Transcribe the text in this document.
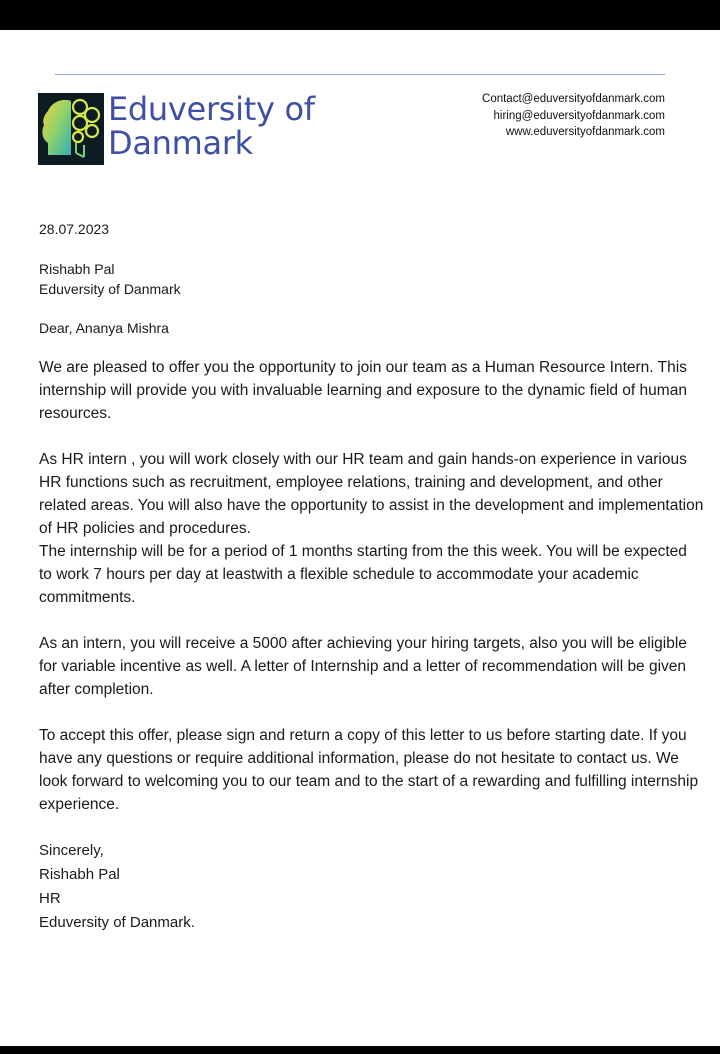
Eduversity of
Danmark
Contact@eduversityofdanmark.com
hiring@eduversityofdanmark.com
www.eduversityofdanmark.com
28.07.2023
Rishabh Pal
Eduversity of Danmark
Dear, Ananya Mishra

We are pleased to offer you the opportunity to join our team as a Human Resource Intern. This internship will provide you with invaluable learning and exposure to the dynamic field of human resources.

As HR intern , you will work closely with our HR team and gain hands-on experience in various HR functions such as recruitment, employee relations, training and development, and other related areas. You will also have the opportunity to assist in the development and implementation of HR policies and procedures.

The internship will be for a period of 1 months starting from the this week. You will be expected to work 7 hours per day at leastwith a flexible schedule to accommodate your academic commitments.

As an intern, you will receive a 5000 after achieving your hiring targets, also you will be eligible for variable incentive as well. A letter of Internship and a letter of recommendation will be given after completion.

To accept this offer, please sign and return a copy of this letter to us before starting date. If you have any questions or require additional information, please do not hesitate to contact us. We look forward to welcoming you to our team and to the start of a rewarding and fulfilling internship experience.

Sincerely,
Rishabh Pal
HR
Eduversity of Danmark.
